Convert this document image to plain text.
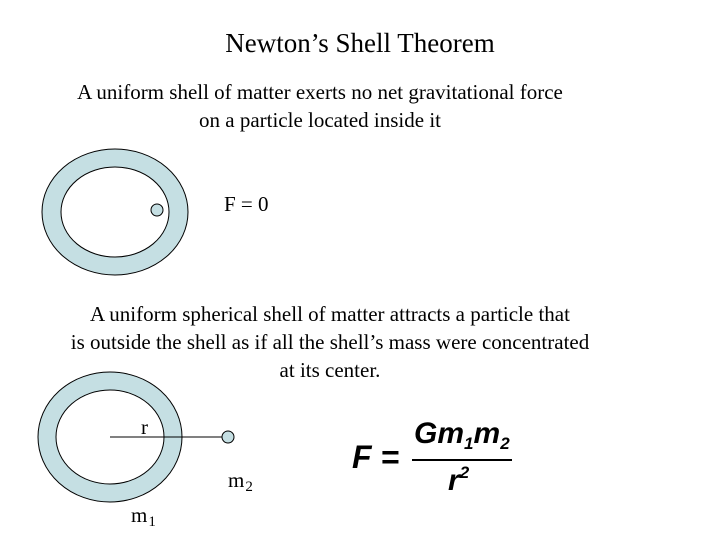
Newton’s Shell Theorem
A uniform shell of matter exerts no net gravitational force
on a particle located inside it
F = 0
A uniform spherical shell of matter attracts a particle that
is outside the shell as if all the shell’s mass were concentrated
at its center.
r
$m_2$
$m_1$
F =
$Gm_1m_2$
$r^2$
